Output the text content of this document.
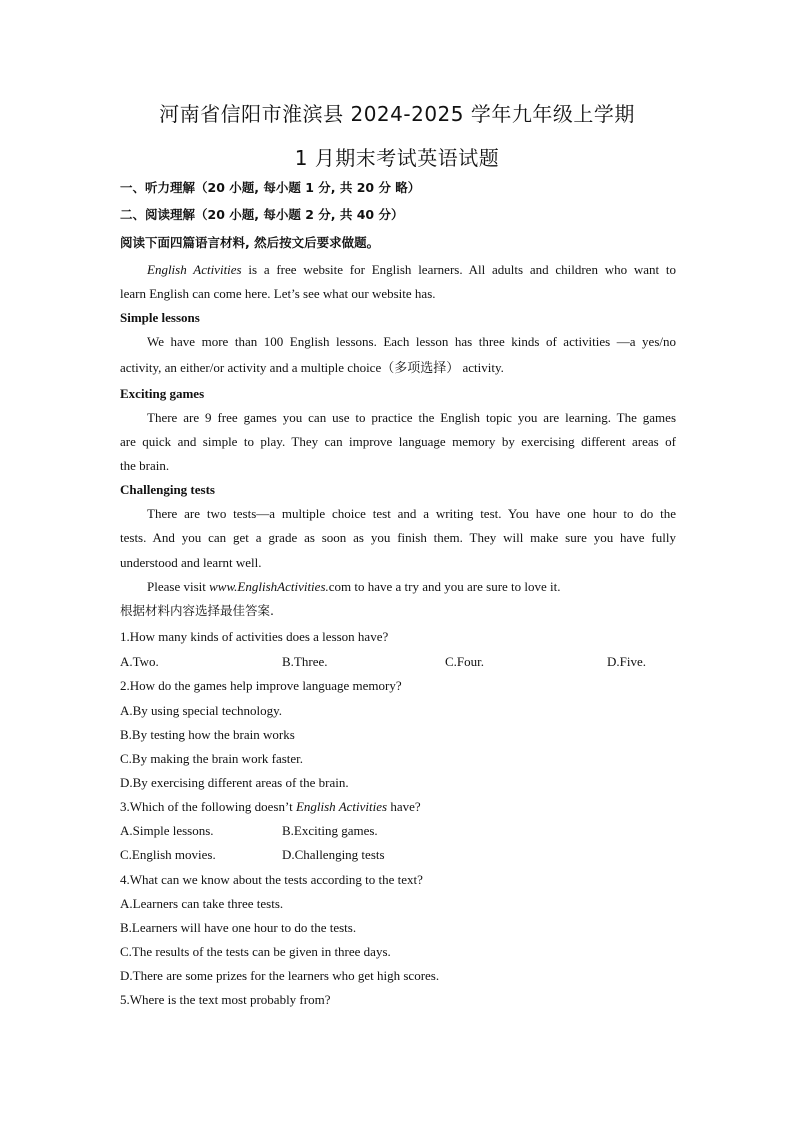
河南省信阳市淮滨县 2024-2025 学年九年级上学期
1 月期末考试英语试题
一、听力理解（20 小题, 每小题 1 分, 共 20 分 略）
二、阅读理解（20 小题, 每小题 2 分, 共 40 分）
阅读下面四篇语言材料, 然后按文后要求做题。
English Activities is a free website for English learners. All adults and children who want to
learn English can come here. Let’s see what our website has.
Simple lessons
We have more than 100 English lessons. Each lesson has three kinds of activities —a yes/no
activity, an either/or activity and a multiple choice（多项选择） activity.
Exciting games
There are 9 free games you can use to practice the English topic you are learning. The games
are quick and simple to play. They can improve language memory by exercising different areas of
the brain.
Challenging tests
There are two tests—a multiple choice test and a writing test. You have one hour to do the
tests. And you can get a grade as soon as you finish them. They will make sure you have fully
understood and learnt well.
Please visit www.EnglishActivities.com to have a try and you are sure to love it.
根据材料内容选择最佳答案.
1.How many kinds of activities does a lesson have?
A.Two.	B.Three.	C.Four.	D.Five.
2.How do the games help improve language memory?
A.By using special technology.
B.By testing how the brain works
C.By making the brain work faster.
D.By exercising different areas of the brain.
3.Which of the following doesn’t English Activities have?
A.Simple lessons.	B.Exciting games.
C.English movies.	D.Challenging tests
4.What can we know about the tests according to the text?
A.Learners can take three tests.
B.Learners will have one hour to do the tests.
C.The results of the tests can be given in three days.
D.There are some prizes for the learners who get high scores.
5.Where is the text most probably from?
